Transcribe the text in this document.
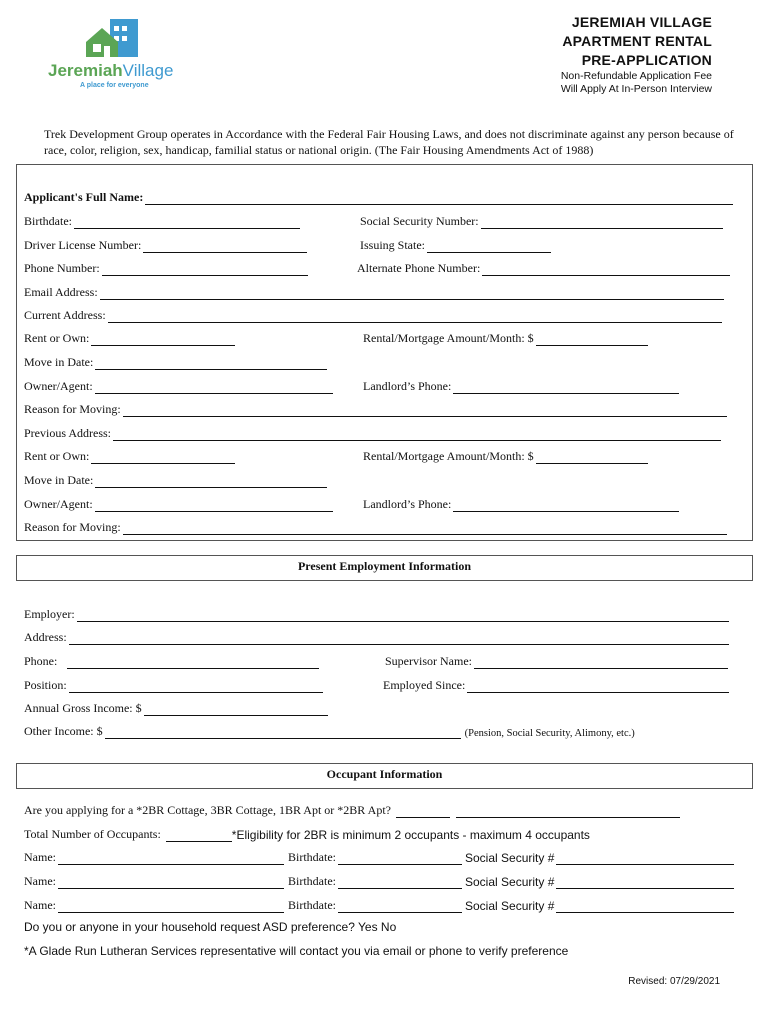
JeremiahVillage
A place for everyone
JEREMIAH VILLAGE
APARTMENT RENTAL
PRE-APPLICATION
Non-Refundable Application Fee
Will Apply At In-Person Interview
Trek Development Group operates in Accordance with the Federal Fair Housing Laws, and does not discriminate against any person because of race, color, religion, sex, handicap, familial status or national origin. (The Fair Housing Amendments Act of 1988)
Applicant's Full Name:
Birthdate:	Social Security Number:
Driver License Number:	Issuing State:
Phone Number:	Alternate Phone Number:
Email Address:
Current Address:
Rent or Own:	Rental/Mortgage Amount/Month: $
Move in Date:
Owner/Agent:	Landlord’s Phone:
Reason for Moving:
Previous Address:
Rent or Own:	Rental/Mortgage Amount/Month: $
Move in Date:
Owner/Agent:	Landlord’s Phone:
Reason for Moving:
Present Employment Information
Employer:
Address:
Phone:	Supervisor Name:
Position:	Employed Since:
Annual Gross Income: $
Other Income: $	(Pension, Social Security, Alimony, etc.)
Occupant Information
Are you applying for a *2BR Cottage, 3BR Cottage, 1BR Apt or *2BR Apt?
Total Number of Occupants:	*Eligibility for 2BR is minimum 2 occupants - maximum 4 occupants
Name:	Birthdate:	Social Security #
Name:	Birthdate:	Social Security #
Name:	Birthdate:	Social Security #
Do you or anyone in your household request ASD preference? Yes No
*A Glade Run Lutheran Services representative will contact you via email or phone to verify preference
Revised: 07/29/2021
